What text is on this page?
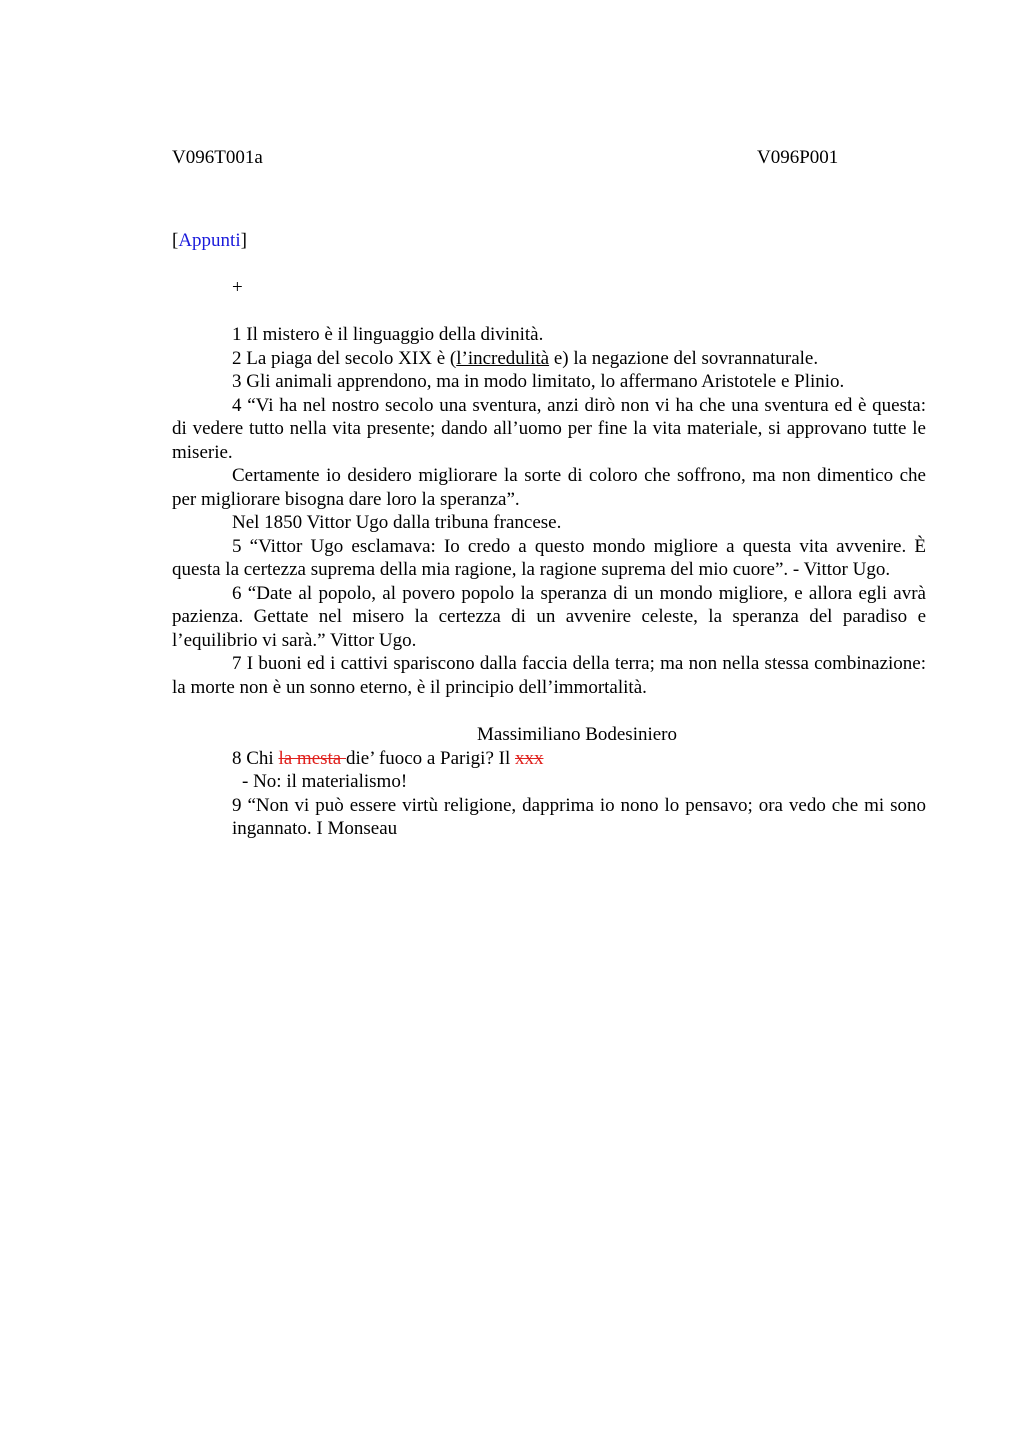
V096T001a	V096P001
[Appunti]
+

1 Il mistero è il linguaggio della divinità.

2 La piaga del secolo XIX è (l’incredulità e) la negazione del sovrannaturale.

3 Gli animali apprendono, ma in modo limitato, lo affermano Aristotele e Plinio.

4 “Vi ha nel nostro secolo una sventura, anzi dirò non vi ha che una sventura ed è questa: di vedere tutto nella vita presente; dando all’uomo per fine la vita materiale, si approvano tutte le miserie.

Certamente io desidero migliorare la sorte di coloro che soffrono, ma non dimentico che per migliorare bisogna dare loro la speranza”.

Nel 1850 Vittor Ugo dalla tribuna francese.

5 “Vittor Ugo esclamava: Io credo a questo mondo migliore a questa vita avvenire. È questa la certezza suprema della mia ragione, la ragione suprema del mio cuore”. - Vittor Ugo.

6 “Date al popolo, al povero popolo la speranza di un mondo migliore, e allora egli avrà pazienza. Gettate nel misero la certezza di un avvenire celeste, la speranza del paradiso e l’equilibrio vi sarà.” Vittor Ugo.

7 I buoni ed i cattivi spariscono dalla faccia della terra; ma non nella stessa combinazione: la morte non è un sonno eterno, è il principio dell’immortalità.

Massimiliano Bodesiniero

8 Chi la mesta die’ fuoco a Parigi? Il xxx

- No: il materialismo!

9 “Non vi può essere virtù religione, dapprima io nono lo pensavo; ora vedo che mi sono ingannato. I Monseau
